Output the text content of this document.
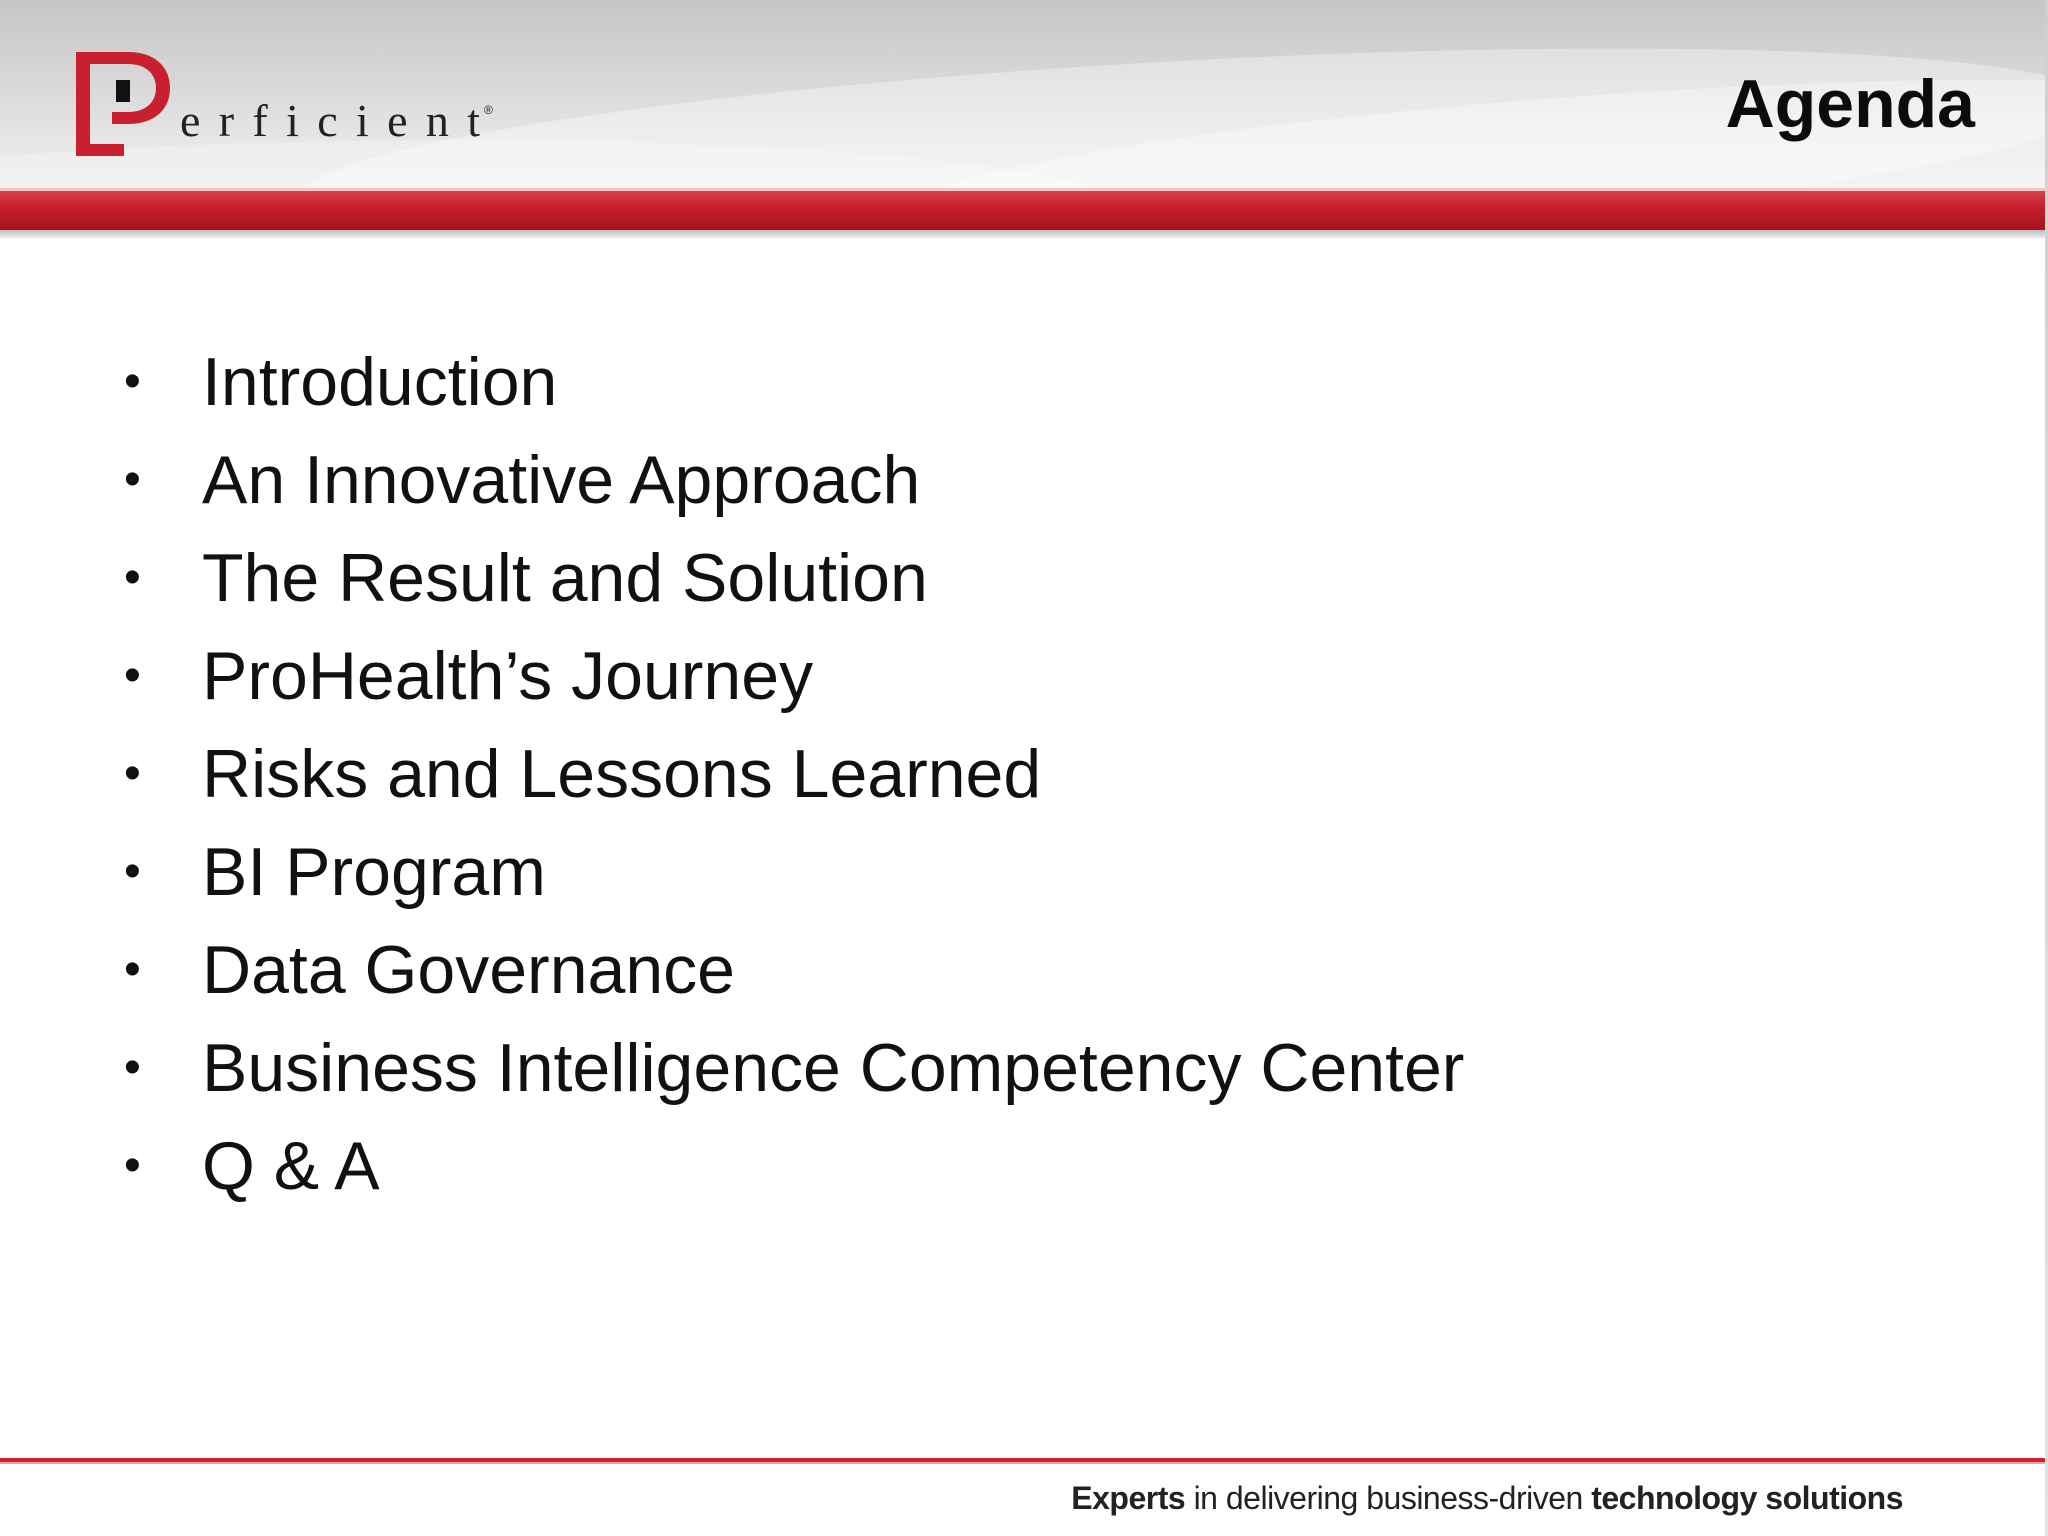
erficient ®	Agenda
• Introduction
• An Innovative Approach
• The Result and Solution
• ProHealth’s Journey
• Risks and Lessons Learned
• BI Program
• Data Governance
• Business Intelligence Competency Center
• Q & A
Experts in delivering business-driven technology solutions
